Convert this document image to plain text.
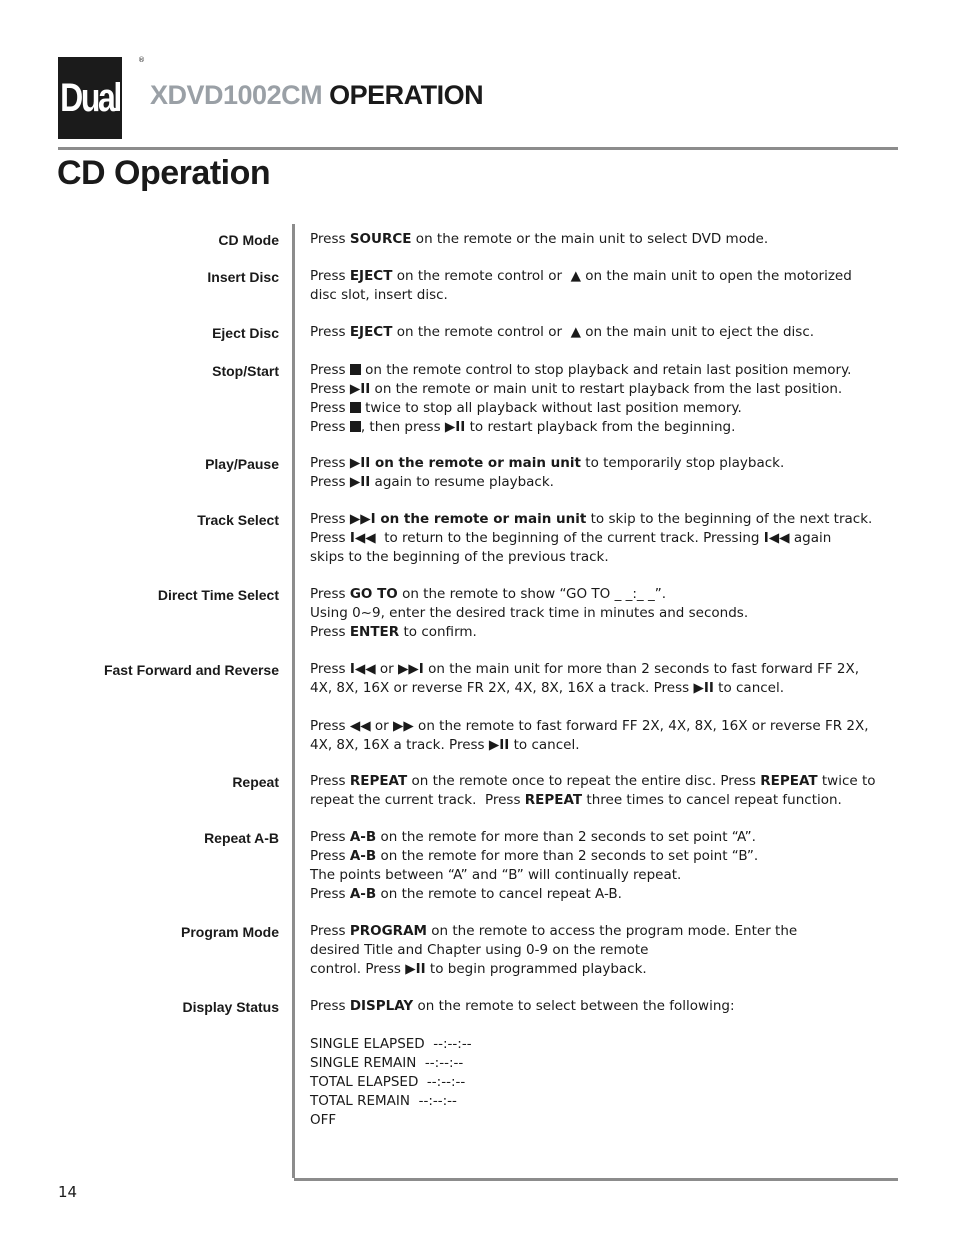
Dual
®
XDVD1002CM OPERATION
CD Operation
14
CD Mode Press SOURCE on the remote or the main unit to select DVD mode.
Insert Disc Press EJECT on the remote control or  ▲ on the main unit to open the motorized
disc slot, insert disc.
Eject Disc Press EJECT on the remote control or  ▲ on the main unit to eject the disc.
Stop/Start Press  on the remote control to stop playback and retain last position memory.
Press ▶II on the remote or main unit to restart playback from the last position.
Press  twice to stop all playback without last position memory.
Press , then press ▶II to restart playback from the beginning.
Play/Pause Press ▶II on the remote or main unit to temporarily stop playback.
Press ▶II again to resume playback.
Track Select Press ▶▶I on the remote or main unit to skip to the beginning of the next track.
Press I◀◀  to return to the beginning of the current track. Pressing I◀◀ again
skips to the beginning of the previous track.
Direct Time Select Press GO TO on the remote to show “GO TO _ _:_ _”.
Using 0~9, enter the desired track time in minutes and seconds.
Press ENTER to confirm.
Fast Forward and Reverse Press I◀◀ or ▶▶I on the main unit for more than 2 seconds to fast forward FF 2X,
4X, 8X, 16X or reverse FR 2X, 4X, 8X, 16X a track. Press ▶II to cancel.
Press ◀◀ or ▶▶ on the remote to fast forward FF 2X, 4X, 8X, 16X or reverse FR 2X,
4X, 8X, 16X a track. Press ▶II to cancel.
Repeat Press REPEAT on the remote once to repeat the entire disc. Press REPEAT twice to
repeat the current track.  Press REPEAT three times to cancel repeat function.
Repeat A-B Press A-B on the remote for more than 2 seconds to set point “A”.
Press A-B on the remote for more than 2 seconds to set point “B”.
The points between “A” and “B” will continually repeat.
Press A-B on the remote to cancel repeat A-B.
Program Mode Press PROGRAM on the remote to access the program mode. Enter the
desired Title and Chapter using 0-9 on the remote
control. Press ▶II to begin programmed playback.
Display Status Press DISPLAY on the remote to select between the following:
SINGLE ELAPSED  --:--:--
SINGLE REMAIN  --:--:--
TOTAL ELAPSED  --:--:--
TOTAL REMAIN  --:--:--
OFF
